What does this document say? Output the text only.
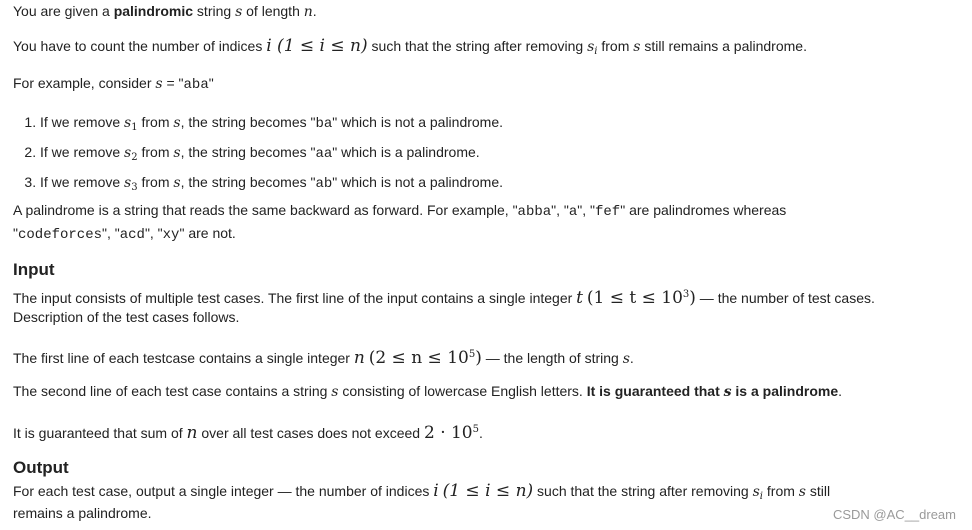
You are given a palindromic string s of length n.
You have to count the number of indices i (1 ≤ i ≤ n) such that the string after removing $s_i$ from s still remains a palindrome.
For example, consider s = "aba"
1. If we remove $s_1$ from s, the string becomes "ba" which is not a palindrome.
2. If we remove $s_2$ from s, the string becomes "aa" which is a palindrome.
3. If we remove $s_3$ from s, the string becomes "ab" which is not a palindrome.
A palindrome is a string that reads the same backward as forward. For example, "abba", "a", "fef" are palindromes whereas
"codeforces", "acd", "xy" are not.
Input
The input consists of multiple test cases. The first line of the input contains a single integer t $(1 \le t \le 10^3)$ — the number of test cases.
Description of the test cases follows.
The first line of each testcase contains a single integer n $(2 \le n \le 10^5)$ — the length of string s.
The second line of each test case contains a string s consisting of lowercase English letters. It is guaranteed that s is a palindrome.
It is guaranteed that sum of n over all test cases does not exceed $2 \cdot 10^5$.
Output
For each test case, output a single integer — the number of indices i (1 ≤ i ≤ n) such that the string after removing $s_i$ from s still
remains a palindrome.	CSDN @AC__dream
